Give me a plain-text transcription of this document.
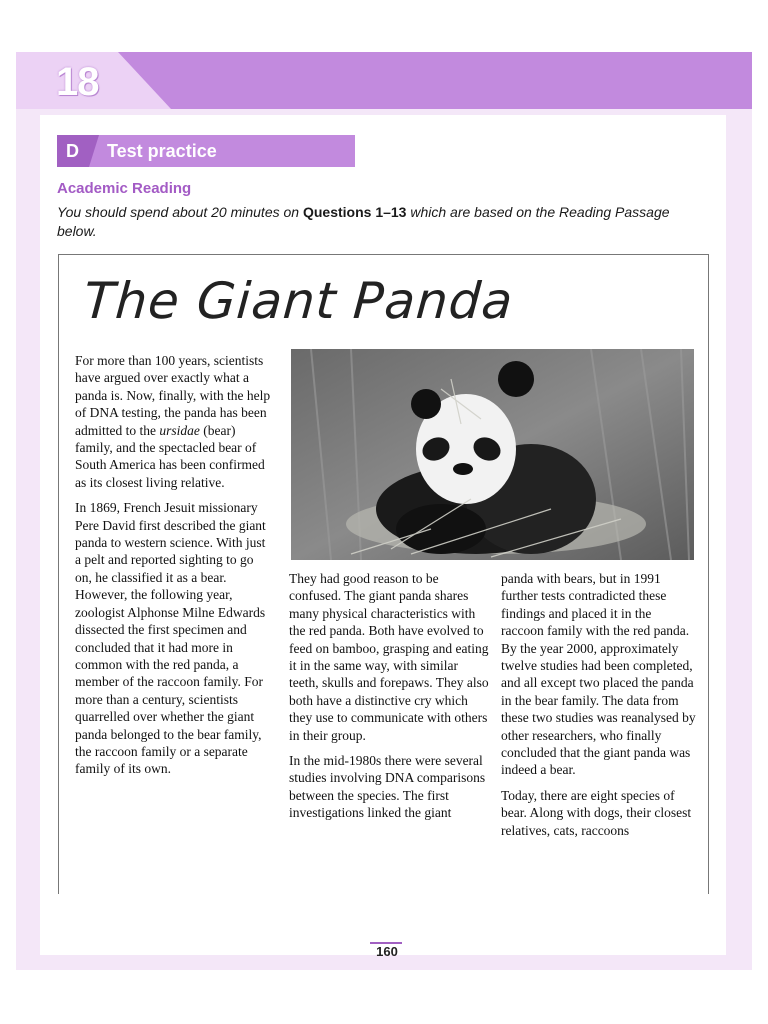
18
D Test practice
Academic Reading
You should spend about 20 minutes on Questions 1–13 which are based on the Reading Passage below.
The Giant Panda

For more than 100 years, scientists have argued over exactly what a panda is. Now, finally, with the help of DNA testing, the panda has been admitted to the ursidae (bear) family, and the spectacled bear of South America has been confirmed as its closest living relative.

In 1869, French Jesuit missionary Pere David first described the giant panda to western science. With just a pelt and reported sighting to go on, he classified it as a bear. However, the following year, zoologist Alphonse Milne Edwards dissected the first specimen and concluded that it had more in common with the red panda, a member of the raccoon family. For more than a century, scientists quarrelled over whether the giant panda belonged to the bear family, the raccoon family or a separate family of its own.

They had good reason to be confused. The giant panda shares many physical characteristics with the red panda. Both have evolved to feed on bamboo, grasping and eating it in the same way, with similar teeth, skulls and forepaws. They also both have a distinctive cry which they use to communicate with others in their group.

In the mid-1980s there were several studies involving DNA comparisons between the species. The first investigations linked the giant

panda with bears, but in 1991 further tests contradicted these findings and placed it in the raccoon family with the red panda. By the year 2000, approximately twelve studies had been completed, and all except two placed the panda in the bear family. The data from these two studies was reanalysed by other researchers, who finally concluded that the giant panda was indeed a bear.

Today, there are eight species of bear. Along with dogs, their closest relatives, cats, raccoons

160
